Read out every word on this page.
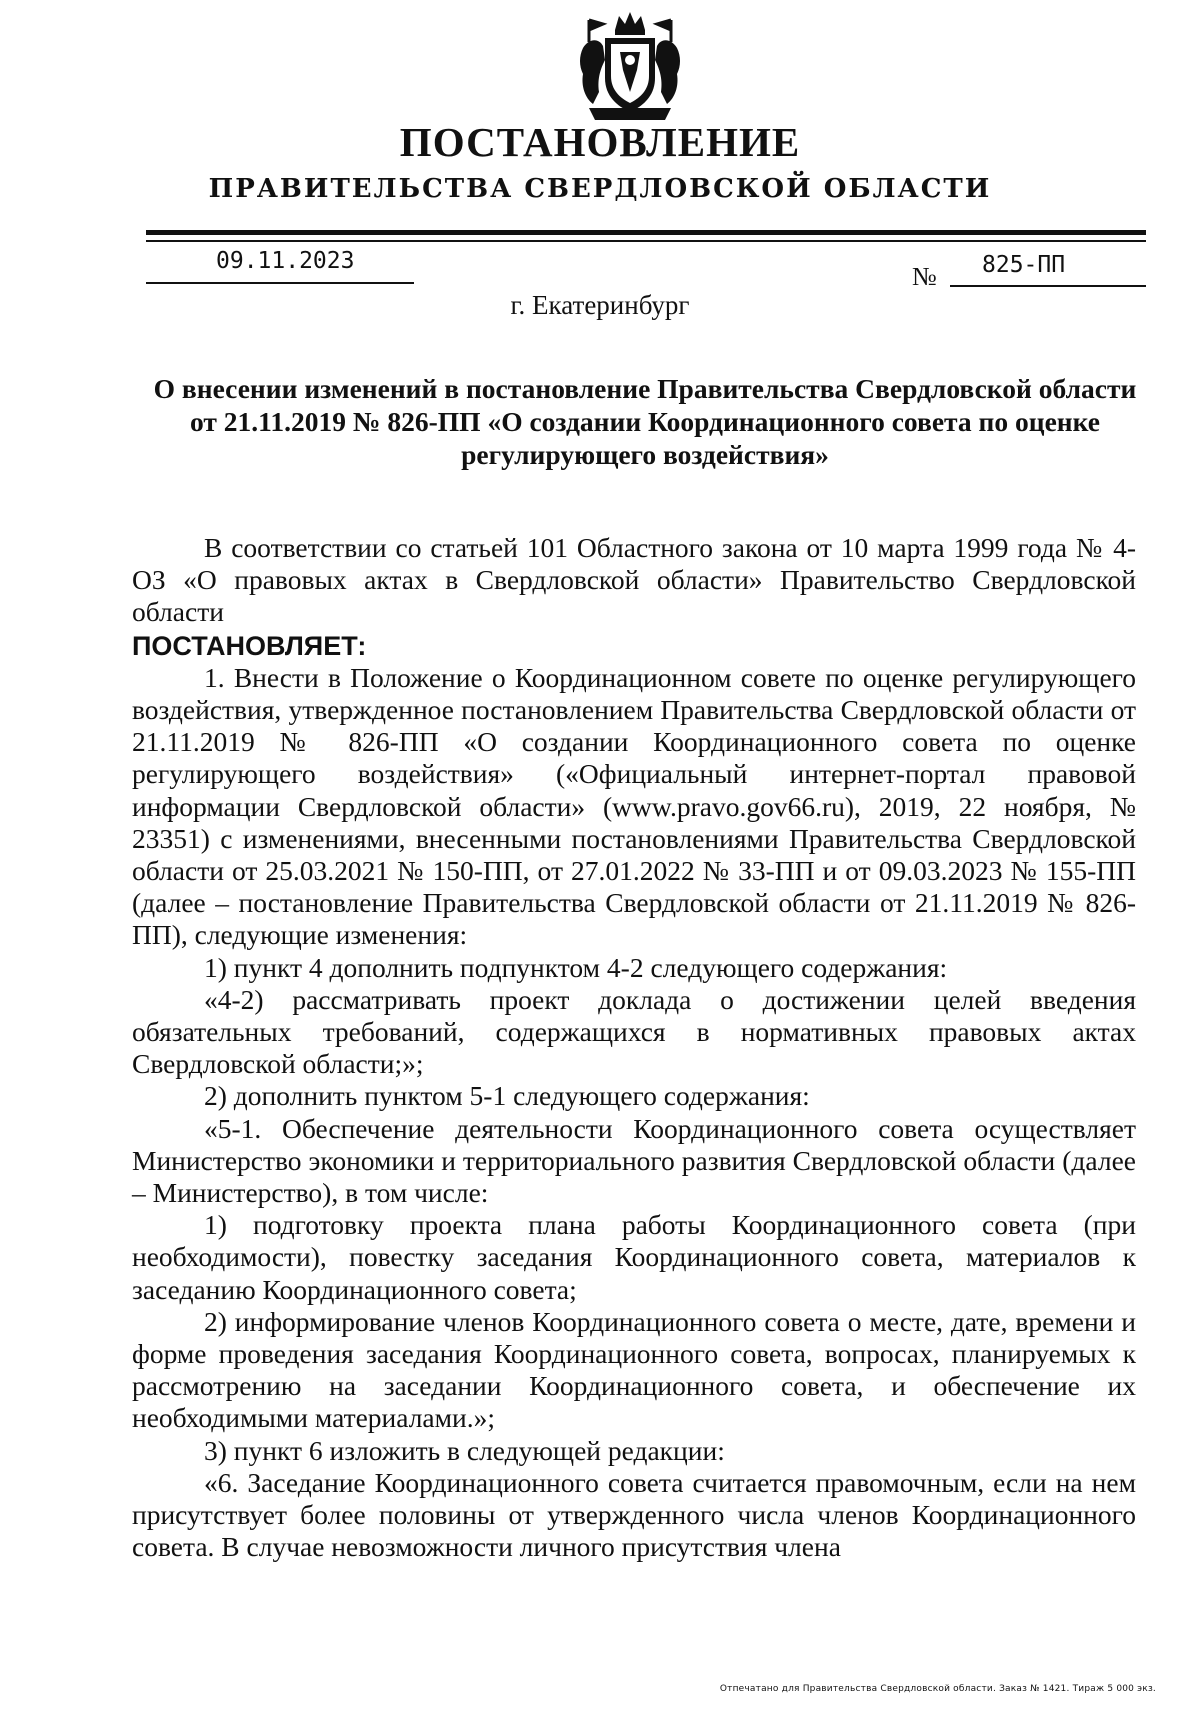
ПОСТАНОВЛЕНИЕ
ПРАВИТЕЛЬСТВА СВЕРДЛОВСКОЙ ОБЛАСТИ
09.11.2023
№ 825-ПП
г. Екатеринбург
О внесении изменений в постановление Правительства Свердловской области от 21.11.2019 № 826-ПП «О создании Координационного совета по оценке регулирующего воздействия»

В соответствии со статьей 101 Областного закона от 10 марта 1999 года № 4-ОЗ «О правовых актах в Свердловской области» Правительство Свердловской области

ПОСТАНОВЛЯЕТ:

1. Внести в Положение о Координационном совете по оценке регулирующего воздействия, утвержденное постановлением Правительства Свердловской области от 21.11.2019 № 826-ПП «О создании Координационного совета по оценке регулирующего воздействия» («Официальный интернет-портал правовой информации Свердловской области» (www.pravo.gov66.ru), 2019, 22 ноября, № 23351) с изменениями, внесенными постановлениями Правительства Свердловской области от 25.03.2021 № 150-ПП, от 27.01.2022 № 33-ПП и от 09.03.2023 № 155-ПП (далее – постановление Правительства Свердловской области от 21.11.2019 № 826-ПП), следующие изменения:

1) пункт 4 дополнить подпунктом 4-2 следующего содержания:

«4-2) рассматривать проект доклада о достижении целей введения обязательных требований, содержащихся в нормативных правовых актах Свердловской области;»;

2) дополнить пунктом 5-1 следующего содержания:

«5-1. Обеспечение деятельности Координационного совета осуществляет Министерство экономики и территориального развития Свердловской области (далее – Министерство), в том числе:

1) подготовку проекта плана работы Координационного совета (при необходимости), повестку заседания Координационного совета, материалов к заседанию Координационного совета;

2) информирование членов Координационного совета о месте, дате, времени и форме проведения заседания Координационного совета, вопросах, планируемых к рассмотрению на заседании Координационного совета, и обеспечение их необходимыми материалами.»;

3) пункт 6 изложить в следующей редакции:

«6. Заседание Координационного совета считается правомочным, если на нем присутствует более половины от утвержденного числа членов Координационного совета. В случае невозможности личного присутствия члена

Отпечатано для Правительства Свердловской области. Заказ № 1421. Тираж 5 000 экз.
